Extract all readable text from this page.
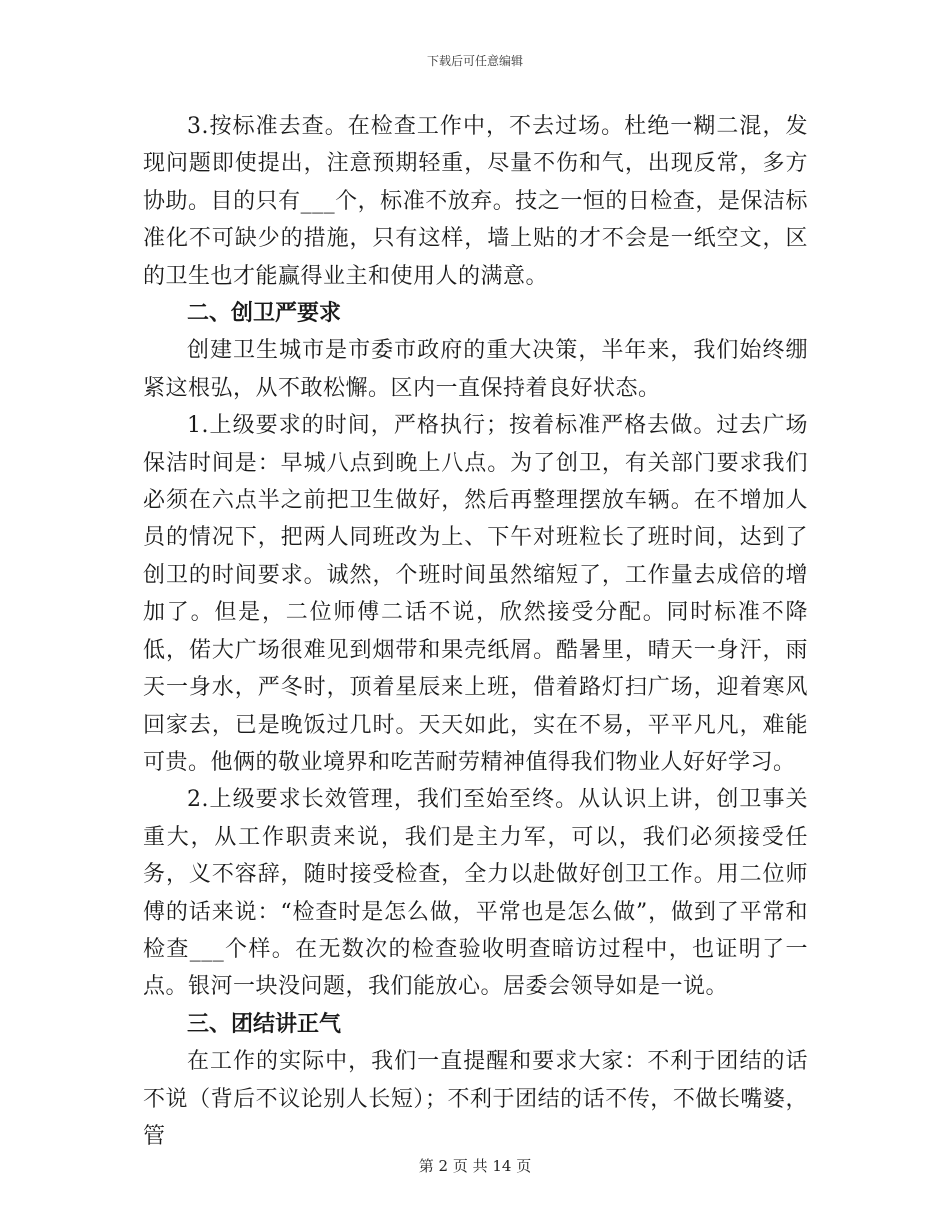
下载后可任意编辑

3.按标准去查。在检查工作中，不去过场。杜绝一糊二混，发现问题即使提出，注意预期轻重，尽量不伤和气，出现反常，多方协助。目的只有___个，标准不放弃。技之一恒的日检查，是保洁标准化不可缺少的措施，只有这样，墙上贴的才不会是一纸空文，区的卫生也才能赢得业主和使用人的满意。

二、创卫严要求

创建卫生城市是市委市政府的重大决策，半年来，我们始终绷紧这根弘，从不敢松懈。区内一直保持着良好状态。

1.上级要求的时间，严格执行；按着标准严格去做。过去广场保洁时间是：早城八点到晚上八点。为了创卫，有关部门要求我们必须在六点半之前把卫生做好，然后再整理摆放车辆。在不增加人员的情况下，把两人同班改为上、下午对班粒长了班时间，达到了创卫的时间要求。诚然，个班时间虽然缩短了，工作量去成倍的增加了。但是，二位师傅二话不说，欣然接受分配。同时标准不降低，偌大广场很难见到烟带和果壳纸屑。酷暑里，晴天一身汗，雨天一身水，严冬时，顶着星辰来上班，借着路灯扫广场，迎着寒风回家去，已是晚饭过几时。天天如此，实在不易，平平凡凡，难能可贵。他俩的敬业境界和吃苦耐劳精神值得我们物业人好好学习。

2.上级要求长效管理，我们至始至终。从认识上讲，创卫事关重大，从工作职责来说，我们是主力军，可以，我们必须接受任务，义不容辞，随时接受检查，全力以赴做好创卫工作。用二位师傅的话来说：“检查时是怎么做，平常也是怎么做”，做到了平常和检查___个样。在无数次的检查验收明查暗访过程中，也证明了一点。银河一块没问题，我们能放心。居委会领导如是一说。

三、团结讲正气

在工作的实际中，我们一直提醒和要求大家：不利于团结的话不说（背后不议论别人长短）；不利于团结的话不传，不做长嘴婆，管

第 2 页 共 14 页
